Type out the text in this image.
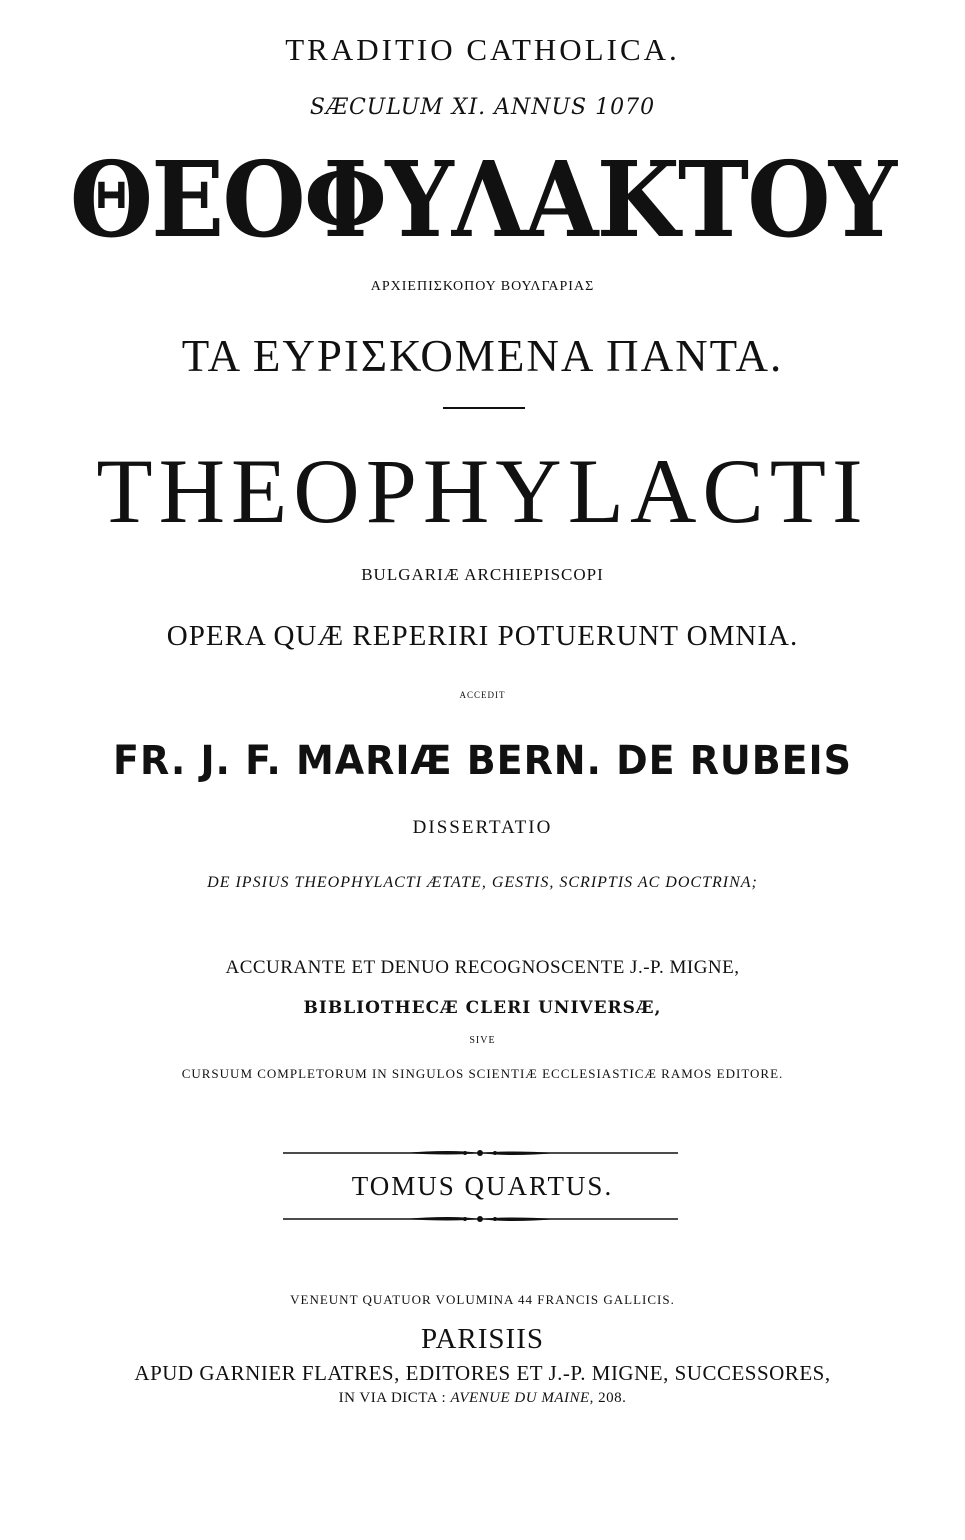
TRADITIO CATHOLICA.
SÆCULUM XI. ANNUS 1070
ΘΕΟΦΥΛΑΚΤΟΥ
ΑΡΧΙΕΠΙΣΚΟΠΟΥ ΒΟΥΛΓΑΡΙΑΣ
ΤΑ ΕΥΡΙΣΚΟΜΕΝΑ ΠΑΝΤΑ.
THEOPHYLACTI
BULGARIÆ ARCHIEPISCOPI
OPERA QUÆ REPERIRI POTUERUNT OMNIA.
ACCEDIT
FR. J. F. MARIÆ BERN. DE RUBEIS
DISSERTATIO
DE IPSIUS THEOPHYLACTI ÆTATE, GESTIS, SCRIPTIS AC DOCTRINA;
ACCURANTE ET DENUO RECOGNOSCENTE J.-P. MIGNE,
BIBLIOTHECÆ CLERI UNIVERSÆ,
SIVE
CURSUUM COMPLETORUM IN SINGULOS SCIENTIÆ ECCLESIASTICÆ RAMOS EDITORE.
TOMUS QUARTUS.
VENEUNT QUATUOR VOLUMINA 44 FRANCIS GALLICIS.
PARISIIS
APUD GARNIER FLATRES, EDITORES ET J.-P. MIGNE, SUCCESSORES,
IN VIA DICTA : AVENUE DU MAINE, 208.
